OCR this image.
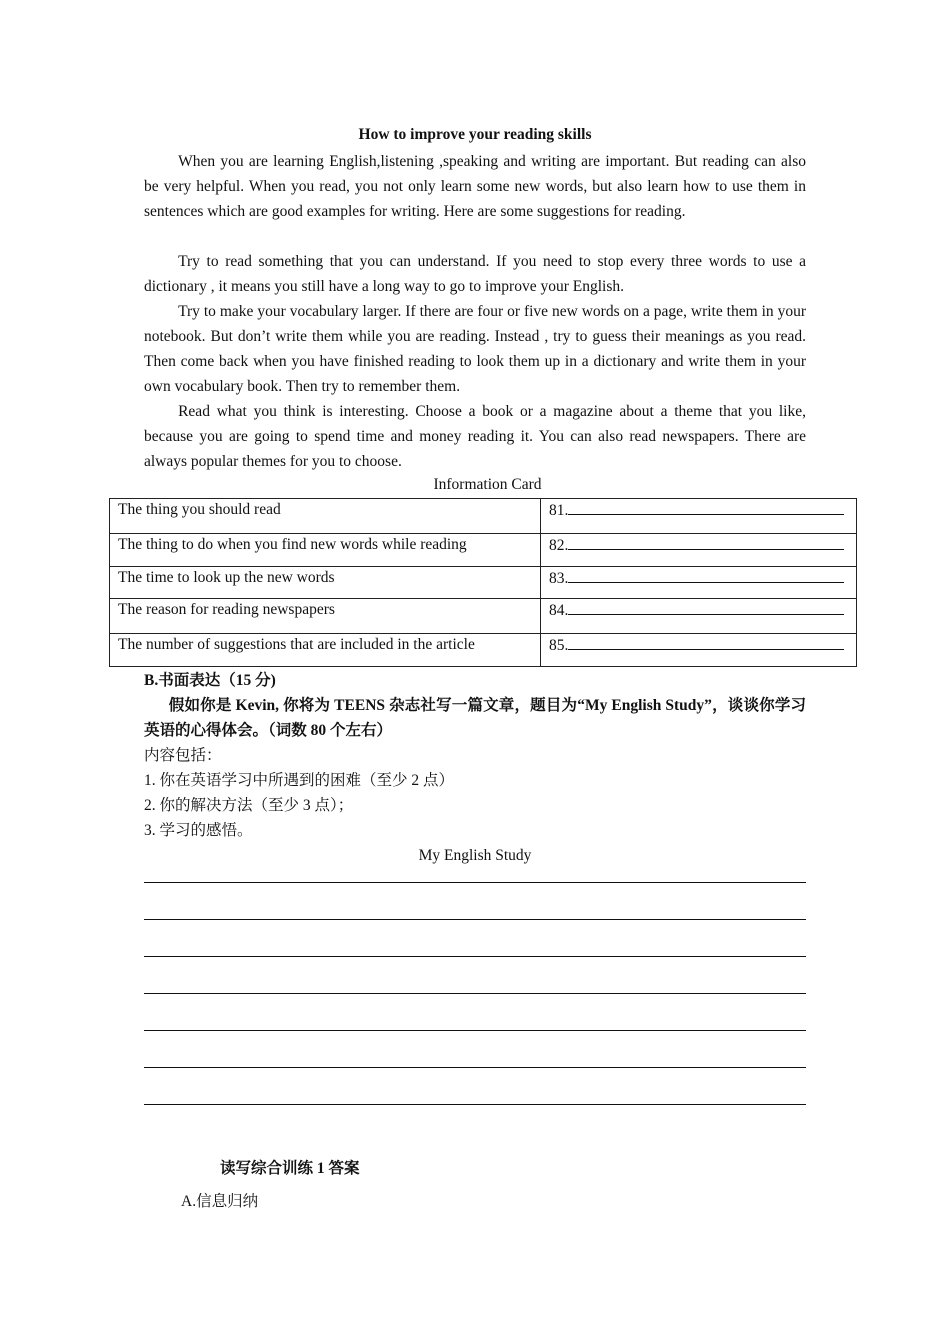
How to improve your reading skills

When you are learning English,listening ,speaking and writing are important. But reading can also be very helpful. When you read, you not only learn some new words, but also learn how to use them in sentences which are good examples for writing. Here are some suggestions for reading.

Try to read something that you can understand. If you need to stop every three words to use a dictionary , it means you still have a long way to go to improve your English.

Try to make your vocabulary larger. If there are four or five new words on a page, write them in your notebook. But don’t write them while you are reading. Instead , try to guess their meanings as you read. Then come back when you have finished reading to look them up in a dictionary and write them in your own vocabulary book. Then try to remember them.

Read what you think is interesting. Choose a book or a magazine about a theme that you like, because you are going to spend time and money reading it. You can also read newspapers. There are always popular themes for you to choose.

Information Card
The thing you should read	81.
The thing to do when you find new words while reading	82.
The time to look up the new words	83.
The reason for reading newspapers	84.
The number of suggestions that are included in the article	85.
B.书面表达（15 分)
假如你是 Kevin, 你将为 TEENS 杂志社写一篇文章，题目为“My English Study”，谈谈你学习英语的心得体会。（词数 80 个左右）
内容包括：
1. 你在英语学习中所遇到的困难（至少 2 点）
2. 你的解决方法（至少 3 点）；
3. 学习的感悟。
My English Study
读写综合训练 1 答案
A.信息归纳
